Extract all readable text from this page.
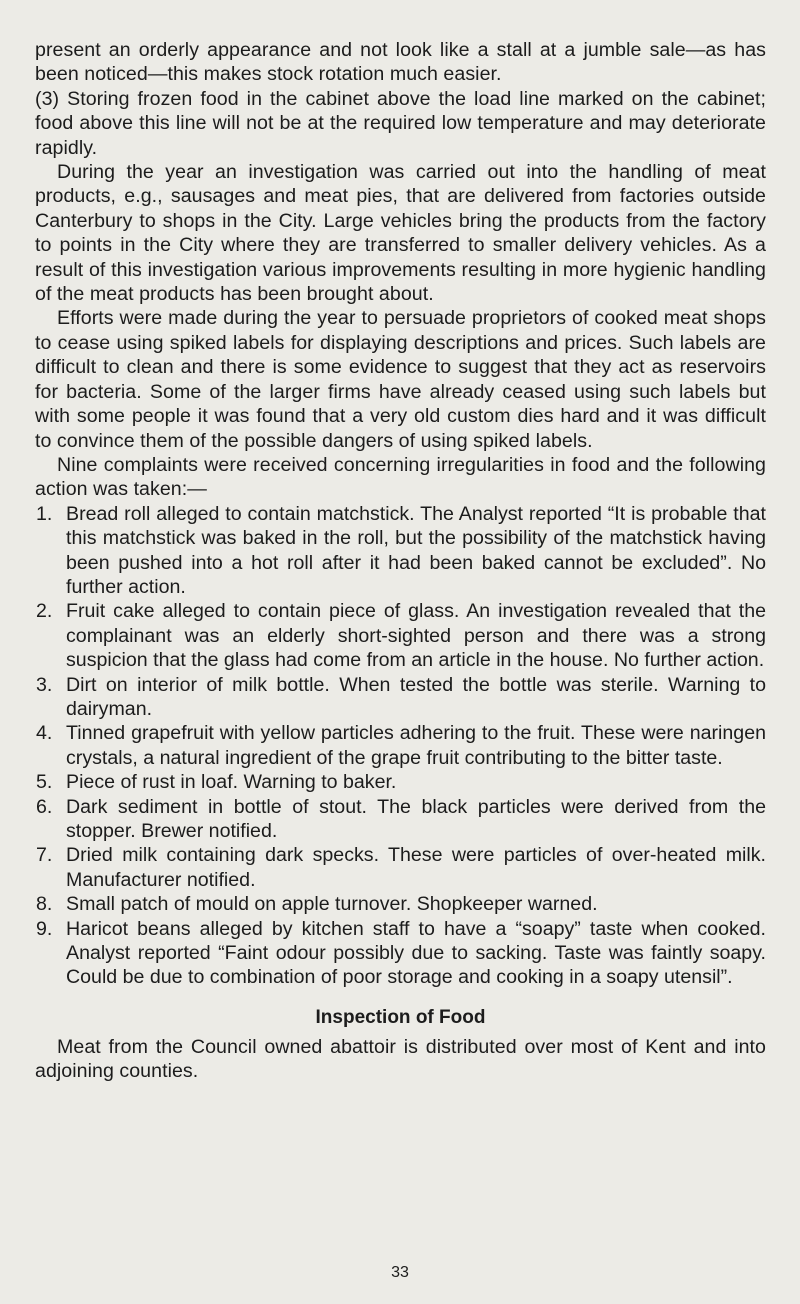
present an orderly appearance and not look like a stall at a jumble sale—as has been noticed—this makes stock rotation much easier.

(3) Storing frozen food in the cabinet above the load line marked on the cabinet; food above this line will not be at the required low temperature and may deteriorate rapidly.

During the year an investigation was carried out into the handling of meat products, e.g., sausages and meat pies, that are delivered from factories outside Canterbury to shops in the City. Large vehicles bring the products from the factory to points in the City where they are transferred to smaller delivery vehicles. As a result of this investigation various improvements resulting in more hygienic handling of the meat products has been brought about.

Efforts were made during the year to persuade proprietors of cooked meat shops to cease using spiked labels for displaying descriptions and prices. Such labels are difficult to clean and there is some evidence to suggest that they act as reservoirs for bacteria. Some of the larger firms have already ceased using such labels but with some people it was found that a very old custom dies hard and it was difficult to convince them of the possible dangers of using spiked labels.

Nine complaints were received concerning irregularities in food and the following action was taken:—

1. Bread roll alleged to contain matchstick. The Analyst reported “It is probable that this matchstick was baked in the roll, but the possibility of the matchstick having been pushed into a hot roll after it had been baked cannot be excluded”. No further action.
2. Fruit cake alleged to contain piece of glass. An investigation revealed that the complainant was an elderly short-sighted person and there was a strong suspicion that the glass had come from an article in the house. No further action.
3. Dirt on interior of milk bottle. When tested the bottle was sterile. Warning to dairyman.
4. Tinned grapefruit with yellow particles adhering to the fruit. These were naringen crystals, a natural ingredient of the grape fruit contributing to the bitter taste.
5. Piece of rust in loaf. Warning to baker.
6. Dark sediment in bottle of stout. The black particles were derived from the stopper. Brewer notified.
7. Dried milk containing dark specks. These were particles of over-heated milk. Manufacturer notified.
8. Small patch of mould on apple turnover. Shopkeeper warned.
9. Haricot beans alleged by kitchen staff to have a “soapy” taste when cooked. Analyst reported “Faint odour possibly due to sacking. Taste was faintly soapy. Could be due to combination of poor storage and cooking in a soapy utensil”.
Inspection of Food

Meat from the Council owned abattoir is distributed over most of Kent and into adjoining counties.

33
